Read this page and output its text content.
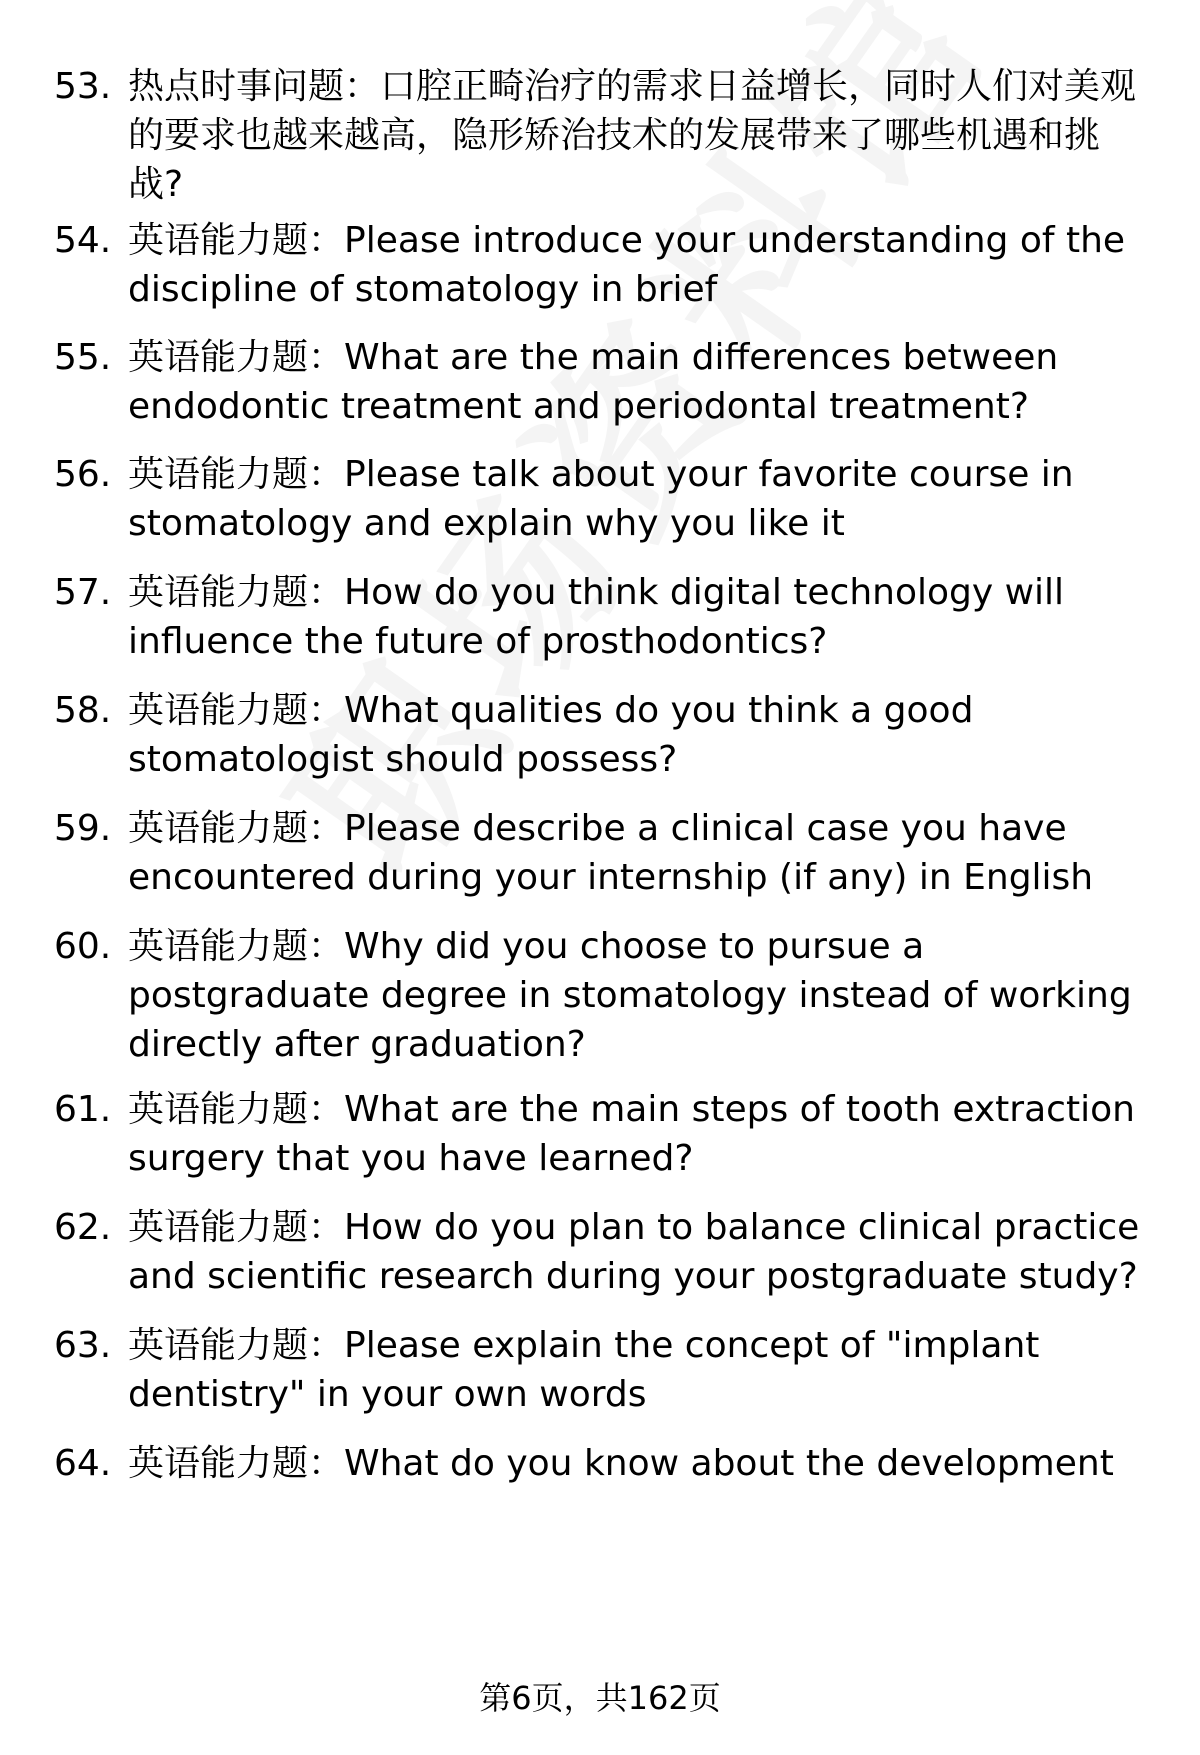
53. 热点时事问题：口腔正畸治疗的需求日益增长，同时人们对美观的要求也越来越高，隐形矫治技术的发展带来了哪些机遇和挑战?
54. 英语能力题：Please introduce your understanding of the discipline of stomatology in brief
55. 英语能力题：What are the main differences between endodontic treatment and periodontal treatment?
56. 英语能力题：Please talk about your favorite course in stomatology and explain why you like it
57. 英语能力题：How do you think digital technology will influence the future of prosthodontics?
58. 英语能力题：What qualities do you think a good stomatologist should possess?
59. 英语能力题：Please describe a clinical case you have encountered during your internship (if any) in English
60. 英语能力题：Why did you choose to pursue a postgraduate degree in stomatology instead of working directly after graduation?
61. 英语能力题：What are the main steps of tooth extraction surgery that you have learned?
62. 英语能力题：How do you plan to balance clinical practice and scientific research during your postgraduate study?
63. 英语能力题：Please explain the concept of "implant dentistry" in your own words
64. 英语能力题：What do you know about the development
第6页，共162页
